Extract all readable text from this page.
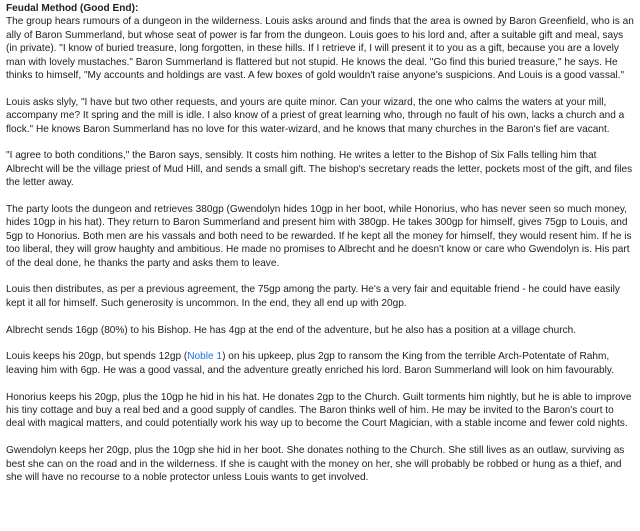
Feudal Method (Good End):

The group hears rumours of a dungeon in the wilderness. Louis asks around and finds that the area is owned by Baron Greenfield, who is an ally of Baron Summerland, but whose seat of power is far from the dungeon. Louis goes to his lord and, after a suitable gift and meal, says (in private). "I know of buried treasure, long forgotten, in these hills. If I retrieve if, I will present it to you as a gift, because you are a lovely man with lovely mustaches." Baron Summerland is flattered but not stupid. He knows the deal. "Go find this buried treasure," he says. He thinks to himself, "My accounts and holdings are vast. A few boxes of gold wouldn't raise anyone's suspicions. And Louis is a good vassal."

Louis asks slyly, "I have but two other requests, and yours are quite minor. Can your wizard, the one who calms the waters at your mill, accompany me? It spring and the mill is idle. I also know of a priest of great learning who, through no fault of his own, lacks a church and a flock." He knows Baron Summerland has no love for this water-wizard, and he knows that many churches in the Baron's fief are vacant.

"I agree to both conditions," the Baron says, sensibly. It costs him nothing. He writes a letter to the Bishop of Six Falls telling him that Albrecht will be the village priest of Mud Hill, and sends a small gift. The bishop's secretary reads the letter, pockets most of the gift, and files the letter away.

The party loots the dungeon and retrieves 380gp (Gwendolyn hides 10gp in her boot, while Honorius, who has never seen so much money, hides 10gp in his hat). They return to Baron Summerland and present him with 380gp. He takes 300gp for himself, gives 75gp to Louis, and 5gp to Honorius. Both men are his vassals and both need to be rewarded. If he kept all the money for himself, they would resent him. If he is too liberal, they will grow haughty and ambitious. He made no promises to Albrecht and he doesn't know or care who Gwendolyn is. His part of the deal done, he thanks the party and asks them to leave.

Louis then distributes, as per a previous agreement, the 75gp among the party. He's a very fair and equitable friend - he could have easily kept it all for himself. Such generosity is uncommon. In the end, they all end up with 20gp.

Albrecht sends 16gp (80%) to his Bishop. He has 4gp at the end of the adventure, but he also has a position at a village church.

Louis keeps his 20gp, but spends 12gp (Noble 1) on his upkeep, plus 2gp to ransom the King from the terrible Arch-Potentate of Rahm, leaving him with 6gp. He was a good vassal, and the adventure greatly enriched his lord. Baron Summerland will look on him favourably.

Honorius keeps his 20gp, plus the 10gp he hid in his hat. He donates 2gp to the Church. Guilt torments him nightly, but he is able to improve his tiny cottage and buy a real bed and a good supply of candles. The Baron thinks well of him. He may be invited to the Baron's court to deal with magical matters, and could potentially work his way up to become the Court Magician, with a stable income and fewer cold nights.

Gwendolyn keeps her 20gp, plus the 10gp she hid in her boot. She donates nothing to the Church. She still lives as an outlaw, surviving as best she can on the road and in the wilderness. If she is caught with the money on her, she will probably be robbed or hung as a thief, and she will have no recourse to a noble protector unless Louis wants to get involved.
